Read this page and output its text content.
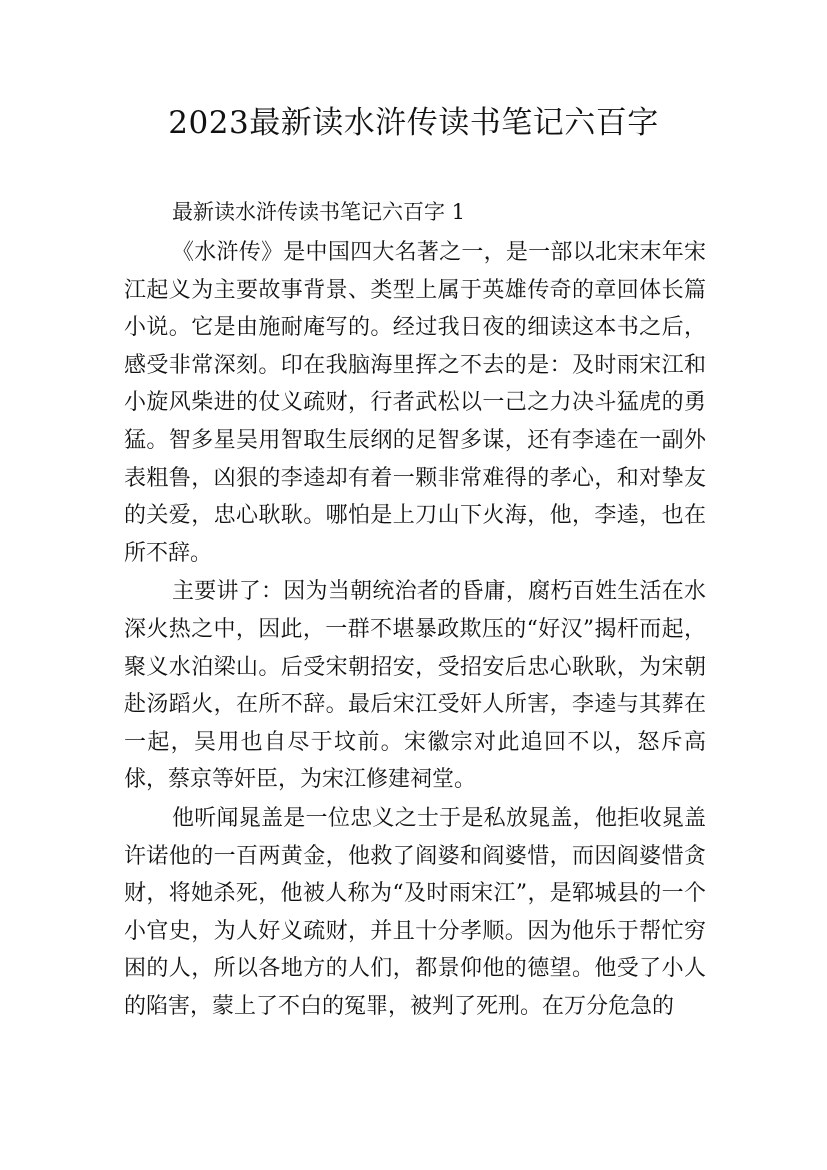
2023最新读水浒传读书笔记六百字

最新读水浒传读书笔记六百字 1

《水浒传》是中国四大名著之一，是一部以北宋末年宋江起义为主要故事背景、类型上属于英雄传奇的章回体长篇小说。它是由施耐庵写的。经过我日夜的细读这本书之后，感受非常深刻。印在我脑海里挥之不去的是：及时雨宋江和小旋风柴进的仗义疏财，行者武松以一己之力决斗猛虎的勇猛。智多星吴用智取生辰纲的足智多谋，还有李逵在一副外表粗鲁，凶狠的李逵却有着一颗非常难得的孝心，和对挚友的关爱，忠心耿耿。哪怕是上刀山下火海，他，李逵，也在所不辞。

主要讲了：因为当朝统治者的昏庸，腐朽百姓生活在水深火热之中，因此，一群不堪暴政欺压的“好汉”揭杆而起，聚义水泊梁山。后受宋朝招安，受招安后忠心耿耿，为宋朝赴汤蹈火，在所不辞。最后宋江受奸人所害，李逵与其葬在一起，吴用也自尽于坟前。宋徽宗对此追回不以，怒斥高俅，蔡京等奸臣，为宋江修建祠堂。

他听闻晁盖是一位忠义之士于是私放晁盖，他拒收晁盖许诺他的一百两黄金，他救了阎婆和阎婆惜，而因阎婆惜贪财，将她杀死，他被人称为“及时雨宋江”，是郓城县的一个小官史，为人好义疏财，并且十分孝顺。因为他乐于帮忙穷困的人，所以各地方的人们，都景仰他的德望。他受了小人的陷害，蒙上了不白的冤罪，被判了死刑。在万分危急的
